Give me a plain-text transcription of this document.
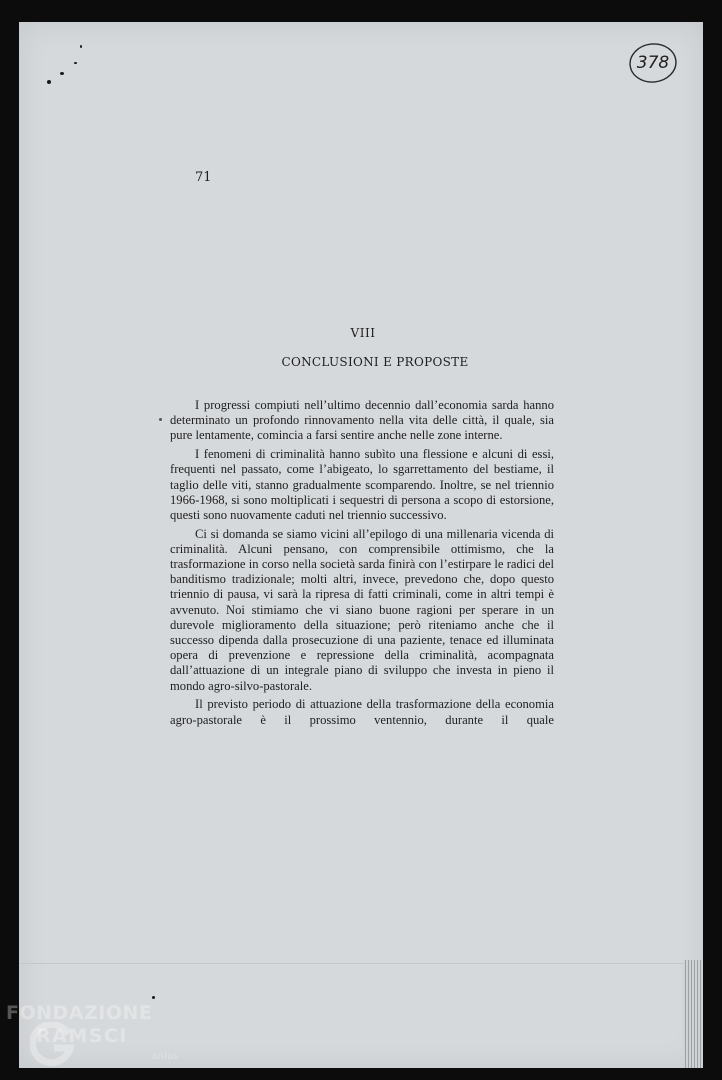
378
71
VIII
CONCLUSIONI E PROPOSTE

I progressi compiuti nell’ultimo decennio dall’economia sarda hanno determinato un profondo rinnovamento nella vita delle città, il quale, sia pure lentamente, comincia a farsi sentire anche nelle zone interne.

I fenomeni di criminalità hanno subìto una flessione e alcuni di essi, frequenti nel passato, come l’abigeato, lo sgarrettamento del bestiame, il taglio delle viti, stanno gradualmente scomparendo. Inoltre, se nel triennio 1966-1968, si sono moltiplicati i sequestri di persona a scopo di estorsione, questi sono nuovamente caduti nel triennio successivo.

Ci si domanda se siamo vicini all’epilogo di una millenaria vicenda di criminalità. Alcuni pensano, con comprensibile ottimismo, che la trasformazione in corso nella società sarda finirà con l’estirpare le radici del banditismo tradizionale; molti altri, invece, prevedono che, dopo questo triennio di pausa, vi sarà la ripresa di fatti criminali, come in altri tempi è avvenuto. Noi stimiamo che vi siano buone ragioni per sperare in un durevole miglioramento della situazione; però riteniamo anche che il successo dipenda dalla prosecuzione di una paziente, tenace ed illuminata opera di prevenzione e repressione della criminalità, acompagnata dall’attuazione di un integrale piano di sviluppo che investa in pieno il mondo agro-silvo-pastorale.

Il previsto periodo di attuazione della trasformazione della economia agro-pastorale è il prossimo ventennio, durante il quale

FONDAZIONE
RAMSCI
onlus
